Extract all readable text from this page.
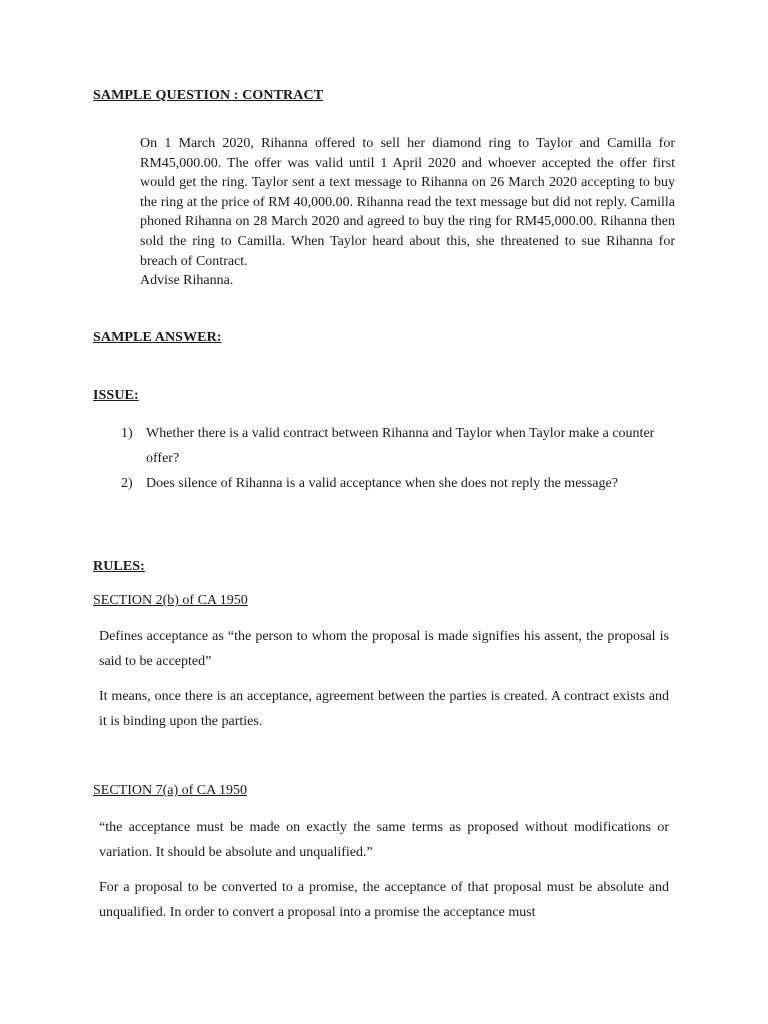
SAMPLE QUESTION : CONTRACT

On 1 March 2020, Rihanna offered to sell her diamond ring to Taylor and Camilla for RM45,000.00. The offer was valid until 1 April 2020 and whoever accepted the offer first would get the ring. Taylor sent a text message to Rihanna on 26 March 2020 accepting to buy the ring at the price of RM 40,000.00. Rihanna read the text message but did not reply. Camilla phoned Rihanna on 28 March 2020 and agreed to buy the ring for RM45,000.00. Rihanna then sold the ring to Camilla. When Taylor heard about this, she threatened to sue Rihanna for breach of Contract.

Advise Rihanna.

SAMPLE ANSWER:
ISSUE:
1) Whether there is a valid contract between Rihanna and Taylor when Taylor make a counter offer?
2) Does silence of Rihanna is a valid acceptance when she does not reply the message?
RULES:
SECTION 2(b) of CA 1950

Defines acceptance as “the person to whom the proposal is made signifies his assent, the proposal is said to be accepted”

It means, once there is an acceptance, agreement between the parties is created. A contract exists and it is binding upon the parties.

SECTION 7(a) of CA 1950

“the acceptance must be made on exactly the same terms as proposed without modifications or variation. It should be absolute and unqualified.”

For a proposal to be converted to a promise, the acceptance of that proposal must be absolute and unqualified. In order to convert a proposal into a promise the acceptance must
